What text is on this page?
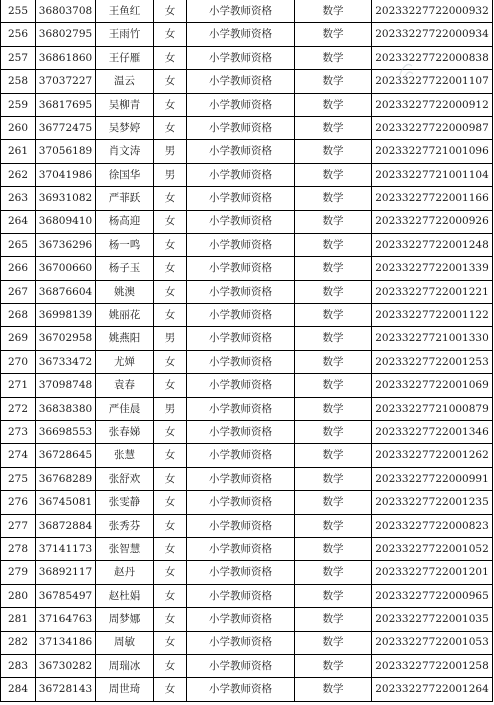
255	36803708	王鱼红	女	小学教师资格	数学	20233227722000932
256	36802795	王雨竹	女	小学教师资格	数学	20233227722000934
257	36861860	王仔雁	女	小学教师资格	数学	20233227722000838
258	37037227	温云	女	小学教师资格	数学	20233227722001107
259	36817695	吴柳青	女	小学教师资格	数学	20233227722000912
260	36772475	吴梦婷	女	小学教师资格	数学	20233227722000987
261	37056189	肖文涛	男	小学教师资格	数学	20233227721001096
262	37041986	徐国华	男	小学教师资格	数学	20233227721001104
263	36931082	严菲跃	女	小学教师资格	数学	20233227722001166
264	36809410	杨高迎	女	小学教师资格	数学	20233227722000926
265	36736296	杨一鸣	女	小学教师资格	数学	20233227722001248
266	36700660	杨子玉	女	小学教师资格	数学	20233227722001339
267	36876604	姚澳	女	小学教师资格	数学	20233227722001221
268	36998139	姚丽花	女	小学教师资格	数学	20233227722001122
269	36702958	姚燕阳	男	小学教师资格	数学	20233227721001330
270	36733472	尤婵	女	小学教师资格	数学	20233227722001253
271	37098748	袁春	女	小学教师资格	数学	20233227722001069
272	36838380	严佳晨	男	小学教师资格	数学	20233227721000879
273	36698553	张春娣	女	小学教师资格	数学	20233227722001346
274	36728645	张慧	女	小学教师资格	数学	20233227722001262
275	36768289	张舒欢	女	小学教师资格	数学	20233227722000991
276	36745081	张雯静	女	小学教师资格	数学	20233227722001235
277	36872884	张秀芬	女	小学教师资格	数学	20233227722000823
278	37141173	张智慧	女	小学教师资格	数学	20233227722001052
279	36892117	赵丹	女	小学教师资格	数学	20233227722001201
280	36785497	赵杜娟	女	小学教师资格	数学	20233227722000965
281	37164763	周梦娜	女	小学教师资格	数学	20233227722001035
282	37134186	周敏	女	小学教师资格	数学	20233227722001053
283	36730282	周瑞冰	女	小学教师资格	数学	20233227722001258
284	36728143	周世琦	女	小学教师资格	数学	20233227722001264
